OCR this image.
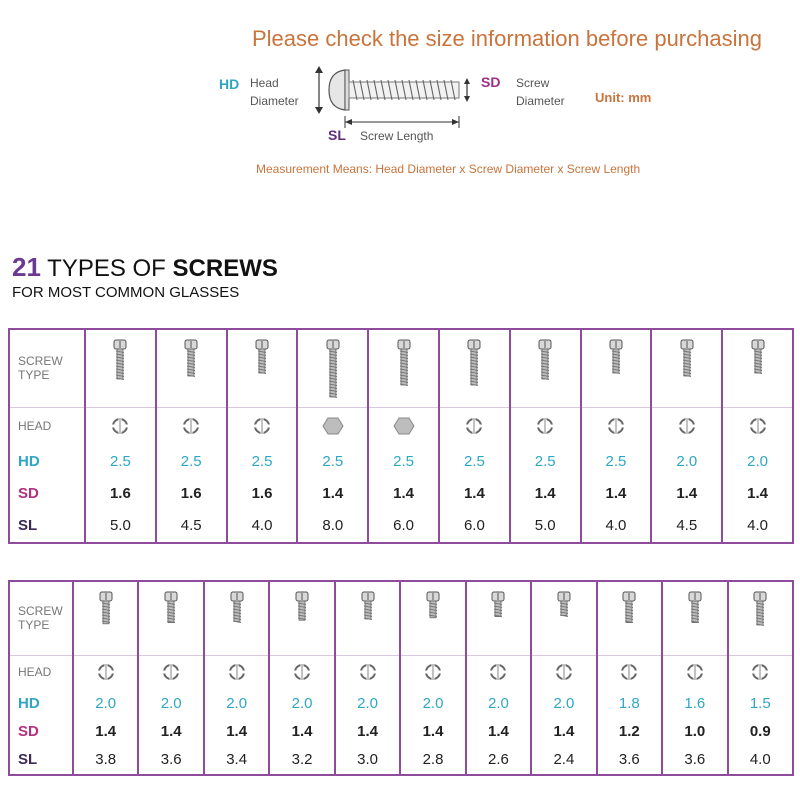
Please check the size information before purchasing
HD Head
Diameter
SD Screw
Diameter Unit: mm
SL Screw Length
Measurement Means: Head Diameter x Screw Diameter x Screw Length
21 TYPES OF SCREWS
FOR MOST COMMON GLASSES
SCREW
TYPE

HEAD	

HD	2.5	2.5	2.5	2.5	2.5	2.5	2.5	2.5	2.0	2.0
SD	1.6	1.6	1.6	1.4	1.4	1.4	1.4	1.4	1.4	1.4
SL	5.0	4.5	4.0	8.0	6.0	6.0	5.0	4.0	4.5	4.0
SCREW
TYPE

HEAD	

HD	2.0	2.0	2.0	2.0	2.0	2.0	2.0	2.0	1.8	1.6	1.5
SD	1.4	1.4	1.4	1.4	1.4	1.4	1.4	1.4	1.2	1.0	0.9
SL	3.8	3.6	3.4	3.2	3.0	2.8	2.6	2.4	3.6	3.6	4.0
